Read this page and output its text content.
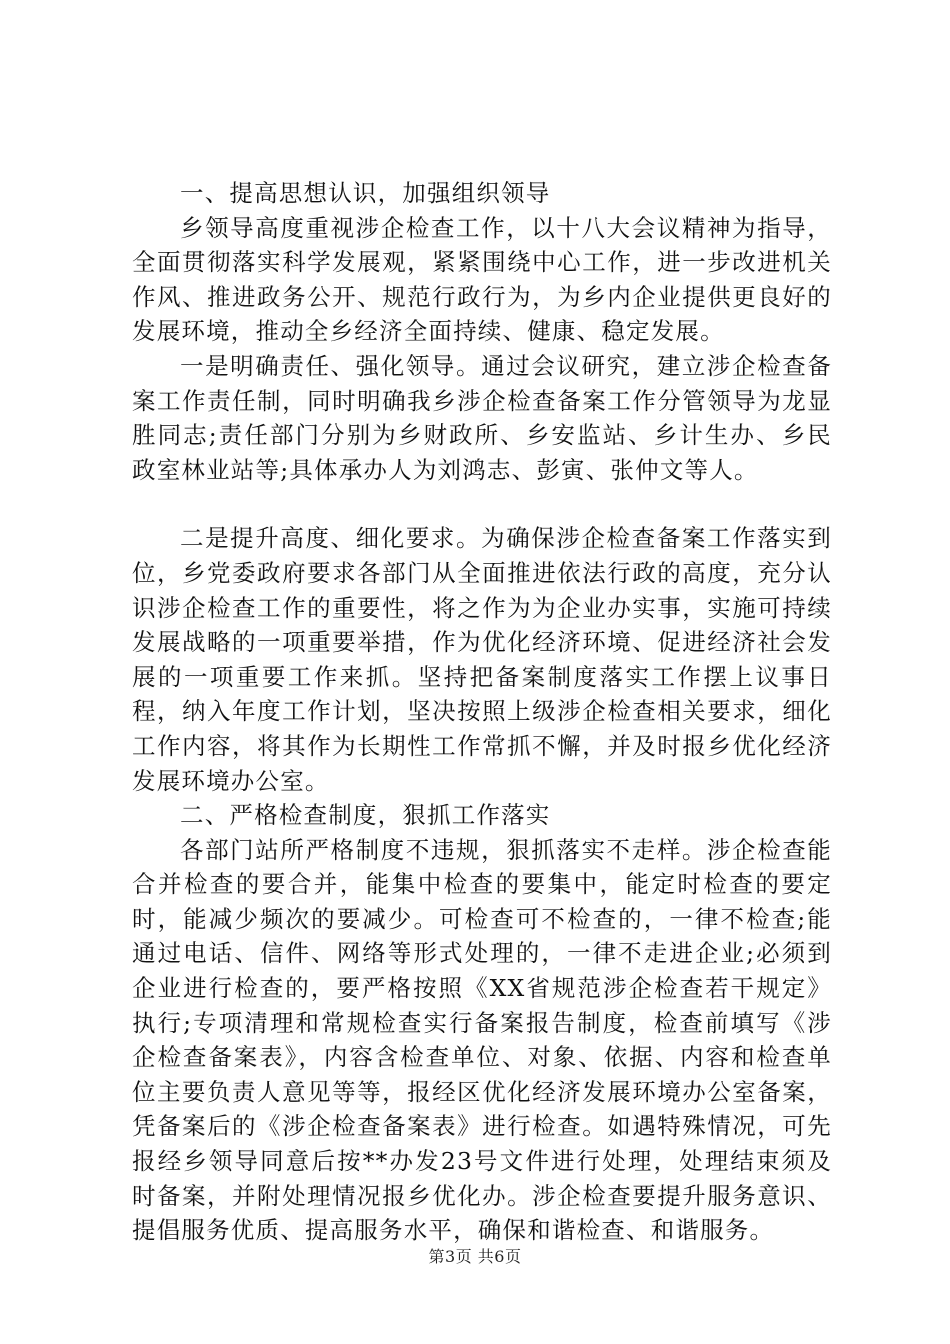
一、提高思想认识，加强组织领导

乡领导高度重视涉企检查工作，以十八大会议精神为指导，全面贯彻落实科学发展观，紧紧围绕中心工作，进一步改进机关作风、推进政务公开、规范行政行为，为乡内企业提供更良好的发展环境，推动全乡经济全面持续、健康、稳定发展。

一是明确责任、强化领导。通过会议研究，建立涉企检查备案工作责任制，同时明确我乡涉企检查备案工作分管领导为龙显胜同志;责任部门分别为乡财政所、乡安监站、乡计生办、乡民政室林业站等;具体承办人为刘鸿志、彭寅、张仲文等人。

二是提升高度、细化要求。为确保涉企检查备案工作落实到位，乡党委政府要求各部门从全面推进依法行政的高度，充分认识涉企检查工作的重要性，将之作为为企业办实事，实施可持续发展战略的一项重要举措，作为优化经济环境、促进经济社会发展的一项重要工作来抓。坚持把备案制度落实工作摆上议事日程，纳入年度工作计划，坚决按照上级涉企检查相关要求，细化工作内容，将其作为长期性工作常抓不懈，并及时报乡优化经济发展环境办公室。

二、严格检查制度，狠抓工作落实

各部门站所严格制度不违规，狠抓落实不走样。涉企检查能合并检查的要合并，能集中检查的要集中，能定时检查的要定时，能减少频次的要减少。可检查可不检查的，一律不检查;能通过电话、信件、网络等形式处理的，一律不走进企业;必须到企业进行检查的，要严格按照《XX省规范涉企检查若干规定》执行;专项清理和常规检查实行备案报告制度，检查前填写《涉企检查备案表》，内容含检查单位、对象、依据、内容和检查单位主要负责人意见等等，报经区优化经济发展环境办公室备案，凭备案后的《涉企检查备案表》进行检查。如遇特殊情况，可先报经乡领导同意后按**办发23号文件进行处理，处理结束须及时备案，并附处理情况报乡优化办。涉企检查要提升服务意识、提倡服务优质、提高服务水平，确保和谐检查、和谐服务。

第3页 共6页
